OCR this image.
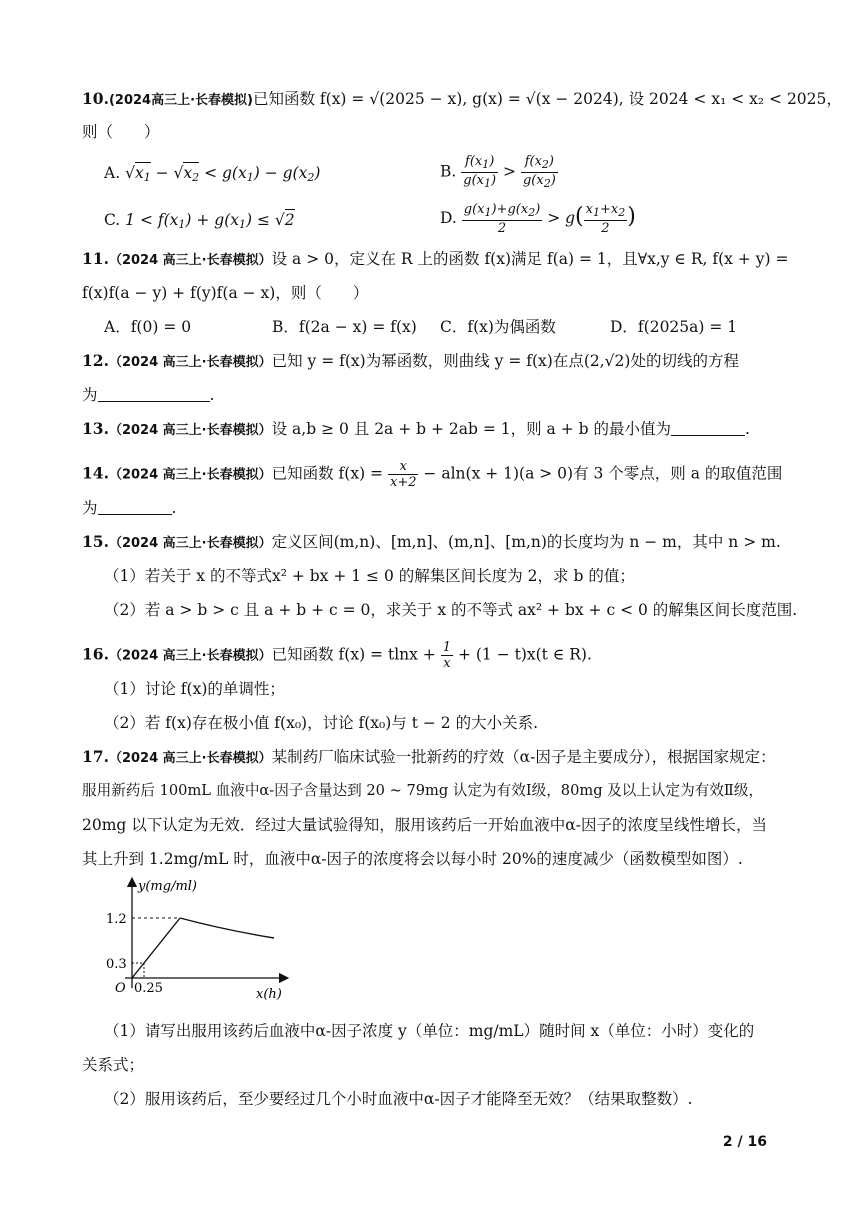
10.(2024高三上·长春模拟)已知函数 f(x) = √(2025 − x), g(x) = √(x − 2024), 设 2024 < x₁ < x₂ < 2025，
则（　　）
A. $√x_1 - √x_2 < g(x_1) - g(x_2)$	B. $\frac{f(x_1)}{g(x_1)} > \frac{f(x_2)}{g(x_2)}$
C. $1 < f(x_1) + g(x_1) \le √2$	D. $\frac{g(x_1)+g(x_2)}{2} > g( \frac{x_1+x_2}{2}$ )
11.（2024 高三上·长春模拟）设 a > 0，定义在 R 上的函数 f(x)满足 f(a) = 1，且∀x,y ∈ R, f(x + y) =
f(x)f(a − y) + f(y)f(a − x)，则（　　）
A．f(0) = 0	B．f(2a − x) = f(x) C．f(x)为偶函数	D．f(2025a) = 1
12.（2024 高三上·长春模拟）已知 y = f(x)为幂函数，则曲线 y = f(x)在点(2,√2)处的切线的方程
为	.
13.（2024 高三上·长春模拟）设 a,b ≥ 0 且 2a + b + 2ab = 1，则 a + b 的最小值为	.
14.（2024 高三上·长春模拟）已知函数 $f(x) = \frac{x}{x+2} - aln(x + 1)(a > 0)$有 3 个零点，则 a 的取值范围
为	.
15.（2024 高三上·长春模拟）定义区间(m,n)、[m,n]、(m,n]、[m,n)的长度均为 n − m，其中 n > m.
（1）若关于 x 的不等式x² + bx + 1 ≤ 0 的解集区间长度为 2，求 b 的值；
（2）若 a > b > c 且 a + b + c = 0，求关于 x 的不等式 ax² + bx + c < 0 的解集区间长度范围.
16.（2024 高三上·长春模拟）已知函数 $f(x) = tlnx + \frac{1}{x} + (1 - t)x(t$ ∈ R).
（1）讨论 f(x)的单调性；
（2）若 f(x)存在极小值 f(x₀)，讨论 f(x₀)与 t − 2 的大小关系.
17.（2024 高三上·长春模拟）某制药厂临床试验一批新药的疗效（α-因子是主要成分），根据国家规定：
服用新药后 100mL 血液中α-因子含量达到 20 ~ 79mg 认定为有效Ⅰ级，80mg 及以上认定为有效Ⅱ级，
20mg 以下认定为无效．经过大量试验得知，服用该药后一开始血液中α-因子的浓度呈线性增长，当
其上升到 1.2mg/mL 时，血液中α-因子的浓度将会以每小时 20%的速度减少（函数模型如图）.
y(mg/ml)
1.2
0.3
O 0.25	x(h)
（1）请写出服用该药后血液中α-因子浓度 y（单位：mg/mL）随时间 x（单位：小时）变化的
关系式；
（2）服用该药后，至少要经过几个小时血液中α-因子才能降至无效？（结果取整数）.
2 / 16
